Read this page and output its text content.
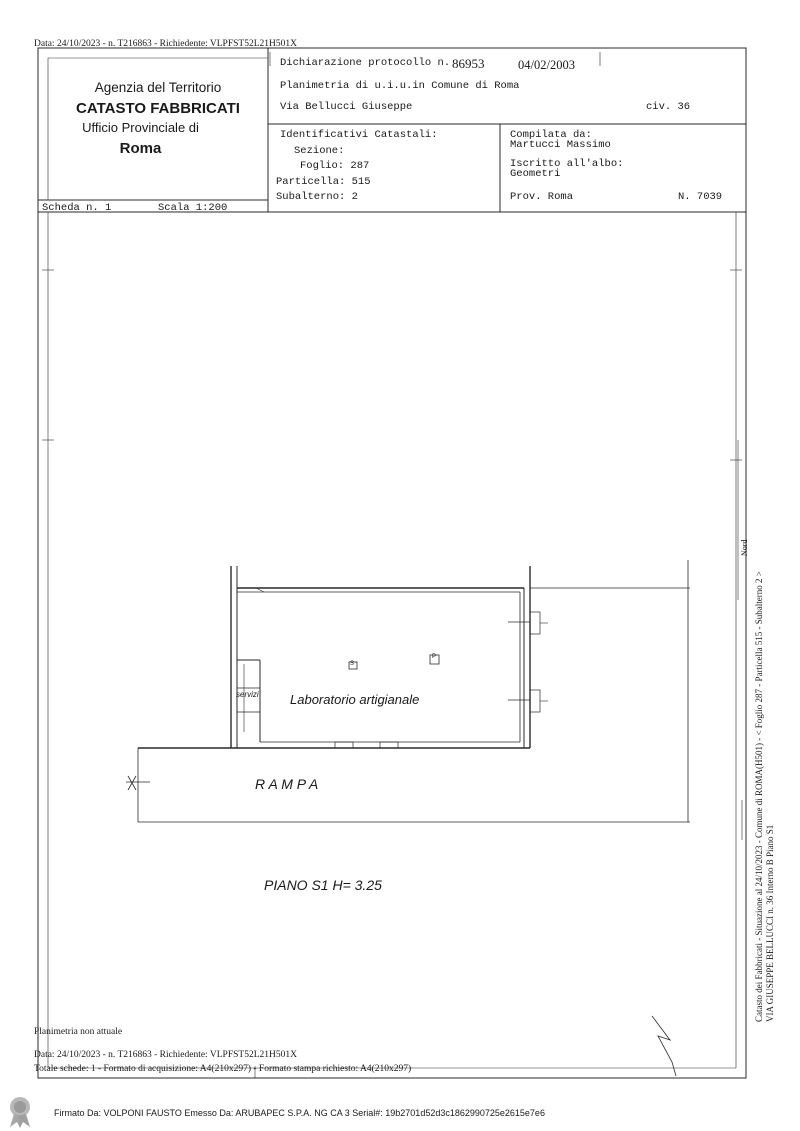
Data: 24/10/2023 - n. T216863 - Richiedente: VLPFST52L21H501X
Agenzia del Territorio
CATASTO FABBRICATI
Ufficio Provinciale di
Roma
Dichiarazione protocollo n. 86953	04/02/2003
Planimetria di u.i.u.in Comune di Roma
Via Bellucci Giuseppe	civ. 36
Identificativi Catastali:
Sezione:
Foglio: 287
Particella: 515
Subalterno: 2
Compilata da:
Martucci Massimo
Iscritto all'albo:
Geometri
Prov. Roma	N. 7039
Scheda n. 1	Scala 1:200
Laboratorio artigianale
servizi
R A M P A
PIANO S1 H= 3.25
S
P
Nord
Catasto dei Fabbricati - Situazione al 24/10/2023 - Comune di ROMA(H501) - < Foglio 287 - Particella 515 - Subalterno 2 > VIA GIUSEPPE BELLUCCI n. 36 Interno B Piano S1
Planimetria non attuale
Data: 24/10/2023 - n. T216863 - Richiedente: VLPFST52L21H501X
Totale schede: 1 - Formato di acquisizione: A4(210x297) - Formato stampa richiesto: A4(210x297)
Firmato Da: VOLPONI FAUSTO Emesso Da: ARUBAPEC S.P.A. NG CA 3 Serial#: 19b2701d52d3c1862990725e2615e7e6
